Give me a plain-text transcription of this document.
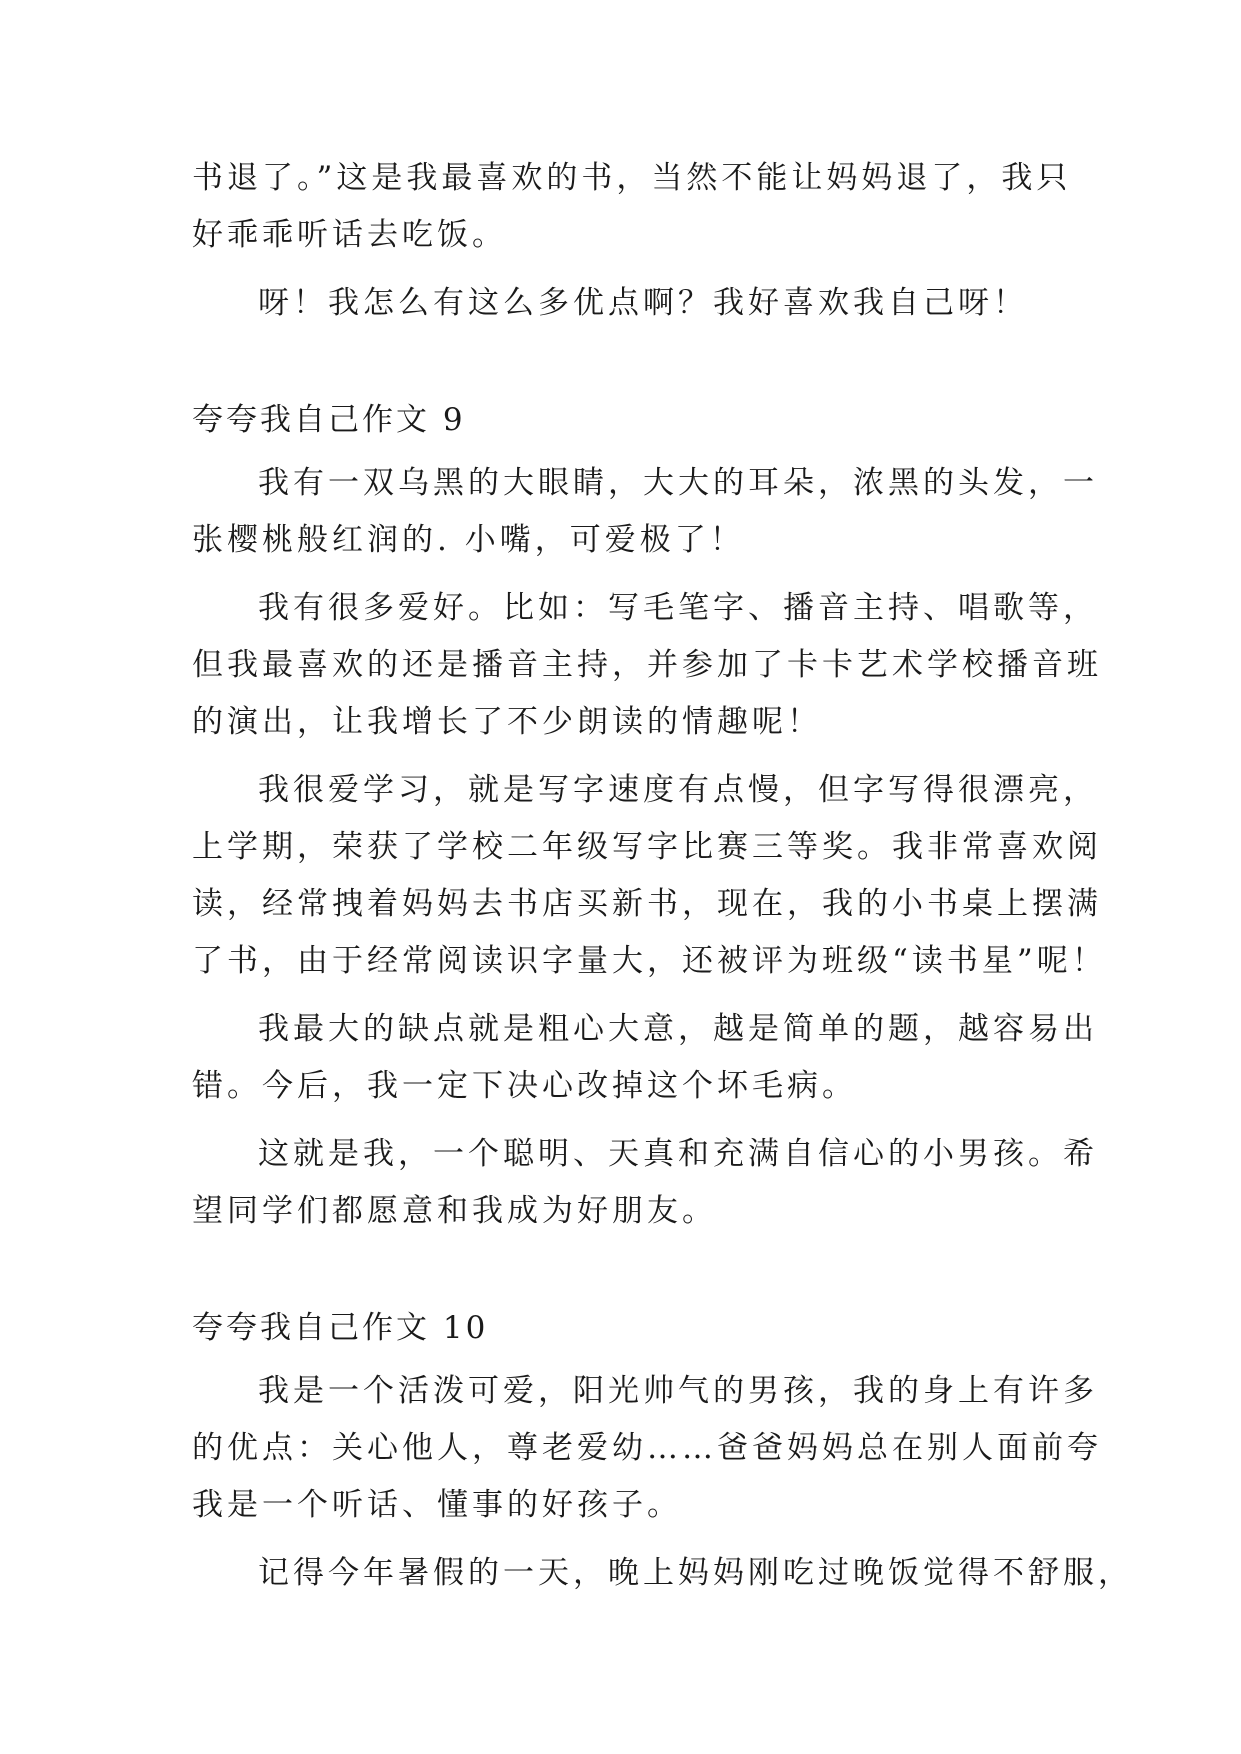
书退了。”这是我最喜欢的书，当然不能让妈妈退了，我只
好乖乖听话去吃饭。
呀！我怎么有这么多优点啊？我好喜欢我自己呀！
夸夸我自己作文 9
我有一双乌黑的大眼睛，大大的耳朵，浓黑的头发，一
张樱桃般红润的. 小嘴，可爱极了！
我有很多爱好。比如：写毛笔字、播音主持、唱歌等，
但我最喜欢的还是播音主持，并参加了卡卡艺术学校播音班
的演出，让我增长了不少朗读的情趣呢！
我很爱学习，就是写字速度有点慢，但字写得很漂亮，
上学期，荣获了学校二年级写字比赛三等奖。我非常喜欢阅
读，经常拽着妈妈去书店买新书，现在，我的小书桌上摆满
了书，由于经常阅读识字量大，还被评为班级“读书星”呢！
我最大的缺点就是粗心大意，越是简单的题，越容易出
错。今后，我一定下决心改掉这个坏毛病。
这就是我，一个聪明、天真和充满自信心的小男孩。希
望同学们都愿意和我成为好朋友。
夸夸我自己作文 10
我是一个活泼可爱，阳光帅气的男孩，我的身上有许多
的优点：关心他人，尊老爱幼……爸爸妈妈总在别人面前夸
我是一个听话、懂事的好孩子。
记得今年暑假的一天，晚上妈妈刚吃过晚饭觉得不舒服，
